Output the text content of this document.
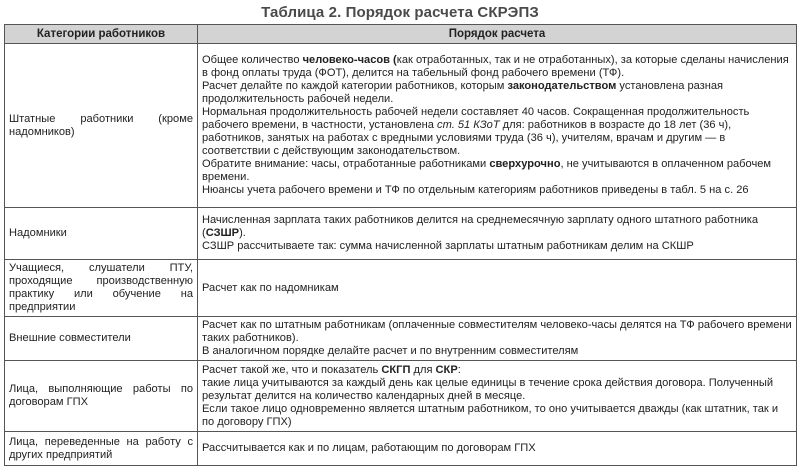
Таблица 2. Порядок расчета СКРЭПЗ
Категории работников	Порядок расчета
Штатные работники (кроме надомников)	Общее количество человеко-часов (как отработанных, так и не отработанных), за которые сделаны начисления в фонд оплаты труда (ФОТ), делится на табельный фонд рабочего времени (ТФ).

Расчет делайте по каждой категории работников, которым законодательством установлена разная продолжительность рабочей недели.

Нормальная продолжительность рабочей недели составляет 40 часов. Сокращенная продолжительность рабочего времени, в частности, установлена ст. 51 КЗоТ для: работников в возрасте до 18 лет (36 ч), работников, занятых на работах с вредными условиями труда (36 ч), учителям, врачам и другим — в соответствии с действующим законодательством.

Обратите внимание: часы, отработанные работниками сверхурочно, не учитываются в оплаченном рабочем времени.

Нюансы учета рабочего времени и ТФ по отдельным категориям работников приведены в табл. 5 на с. 26

Надомники	Начисленная зарплата таких работников делится на среднемесячную зарплату одного штатного работника (СЗШР).

СЗШР рассчитываете так: сумма начисленной зарплаты штатным работникам делим на СКШР

Учащиеся, слушатели ПТУ, проходящие производственную практику или обучение на предприятии	Расчет как по надомникам

Внешние совместители	Расчет как по штатным работникам (оплаченные совместителям человеко-часы делятся на ТФ рабочего времени таких работников).

В аналогичном порядке делайте расчет и по внутренним совместителям

Лица, выполняющие работы по договорам ГПХ	Расчет такой же, что и показатель СКГП для СКР:

такие лица учитываются за каждый день как целые единицы в течение срока действия договора. Полученный результат делится на количество календарных дней в месяце.

Если такое лицо одновременно является штатным работником, то оно учитывается дважды (как штатник, так и по договору ГПХ)

Лица, переведенные на работу с других предприятий	Рассчитывается как и по лицам, работающим по договорам ГПХ
